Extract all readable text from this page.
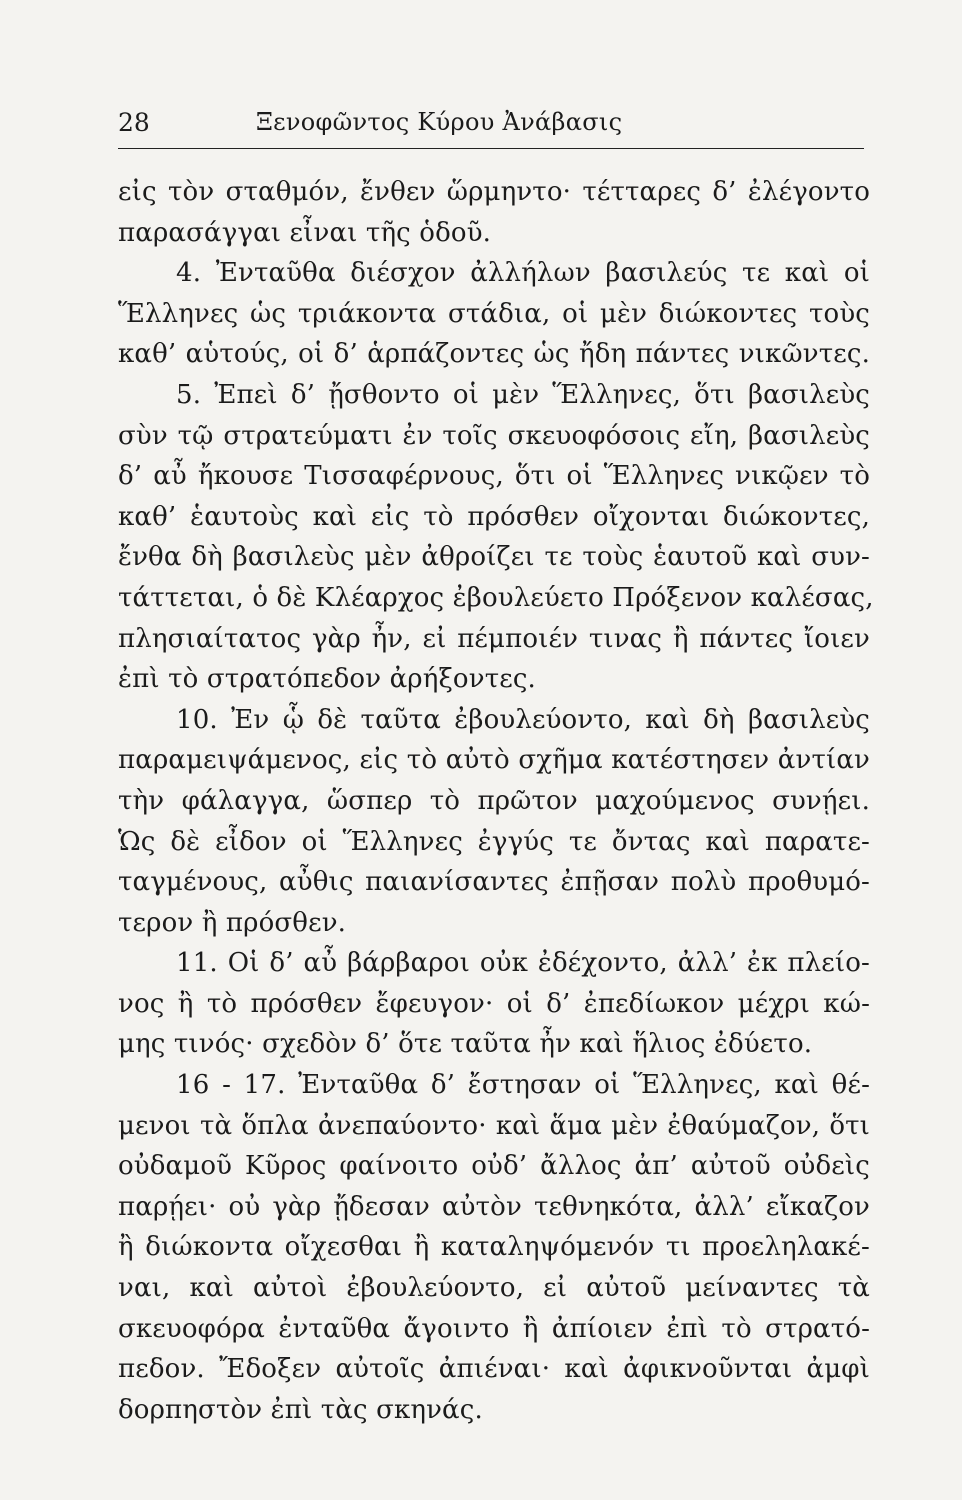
28	Ξενοφῶντος Κύρου Ἀνάβασις
εἰς τὸν σταθμόν, ἔνθεν ὥρμηντο· τέτταρες δ’ ἐλέγοντο
παρασάγγαι εἶναι τῆς ὁδοῦ.
4. Ἐνταῦθα διέσχον ἀλλήλων βασιλεύς τε καὶ οἱ
Ἕλληνες ὡς τριάκοντα στάδια, οἱ μὲν διώκοντες τοὺς
καθ’ αὑτούς, οἱ δ’ ἁρπάζοντες ὡς ἤδη πάντες νικῶντες.
5. Ἐπεὶ δ’ ᾔσθοντο οἱ μὲν Ἕλληνες, ὅτι βασιλεὺς
σὺν τῷ στρατεύματι ἐν τοῖς σκευοφόσοις εἴη, βασιλεὺς
δ’ αὖ ἤκουσε Τισσαφέρνους, ὅτι οἱ Ἕλληνες νικῷεν τὸ
καθ’ ἑαυτοὺς καὶ εἰς τὸ πρόσθεν οἴχονται διώκοντες,
ἔνθα δὴ βασιλεὺς μὲν ἀθροίζει τε τοὺς ἑαυτοῦ καὶ συν-
τάττεται, ὁ δὲ Κλέαρχος ἐβουλεύετο Πρόξενον καλέσας,
πλησιαίτατος γὰρ ἦν, εἰ πέμποιέν τινας ἢ πάντες ἴοιεν
ἐπὶ τὸ στρατόπεδον ἀρήξοντες.
10. Ἐν ᾧ δὲ ταῦτα ἐβουλεύοντο, καὶ δὴ βασιλεὺς
παραμειψάμενος, εἰς τὸ αὐτὸ σχῆμα κατέστησεν ἀντίαν
τὴν φάλαγγα, ὥσπερ τὸ πρῶτον μαχούμενος συνῄει.
Ὡς δὲ εἶδον οἱ Ἕλληνες ἐγγύς τε ὄντας καὶ παρατε-
ταγμένους, αὖθις παιανίσαντες ἐπῇσαν πολὺ προθυμό-
τερον ἢ πρόσθεν.
11. Οἱ δ’ αὖ βάρβαροι οὐκ ἐδέχοντο, ἀλλ’ ἐκ πλείο-
νος ἢ τὸ πρόσθεν ἔφευγον· οἱ δ’ ἐπεδίωκον μέχρι κώ-
μης τινός· σχεδὸν δ’ ὅτε ταῦτα ἦν καὶ ἥλιος ἐδύετο.
16 - 17. Ἐνταῦθα δ’ ἔστησαν οἱ Ἕλληνες, καὶ θέ-
μενοι τὰ ὅπλα ἀνεπαύοντο· καὶ ἅμα μὲν ἐθαύμαζον, ὅτι
οὐδαμοῦ Κῦρος φαίνοιτο οὐδ’ ἄλλος ἀπ’ αὐτοῦ οὐδεὶς
παρῄει· οὐ γὰρ ᾔδεσαν αὐτὸν τεθνηκότα, ἀλλ’ εἴκαζον
ἢ διώκοντα οἴχεσθαι ἢ καταληψόμενόν τι προεληλακέ-
ναι, καὶ αὐτοὶ ἐβουλεύοντο, εἰ αὐτοῦ μείναντες τὰ
σκευοφόρα ἐνταῦθα ἄγοιντο ἢ ἀπίοιεν ἐπὶ τὸ στρατό-
πεδον. Ἔδοξεν αὐτοῖς ἀπιέναι· καὶ ἀφικνοῦνται ἀμφὶ
δορπηστὸν ἐπὶ τὰς σκηνάς.
